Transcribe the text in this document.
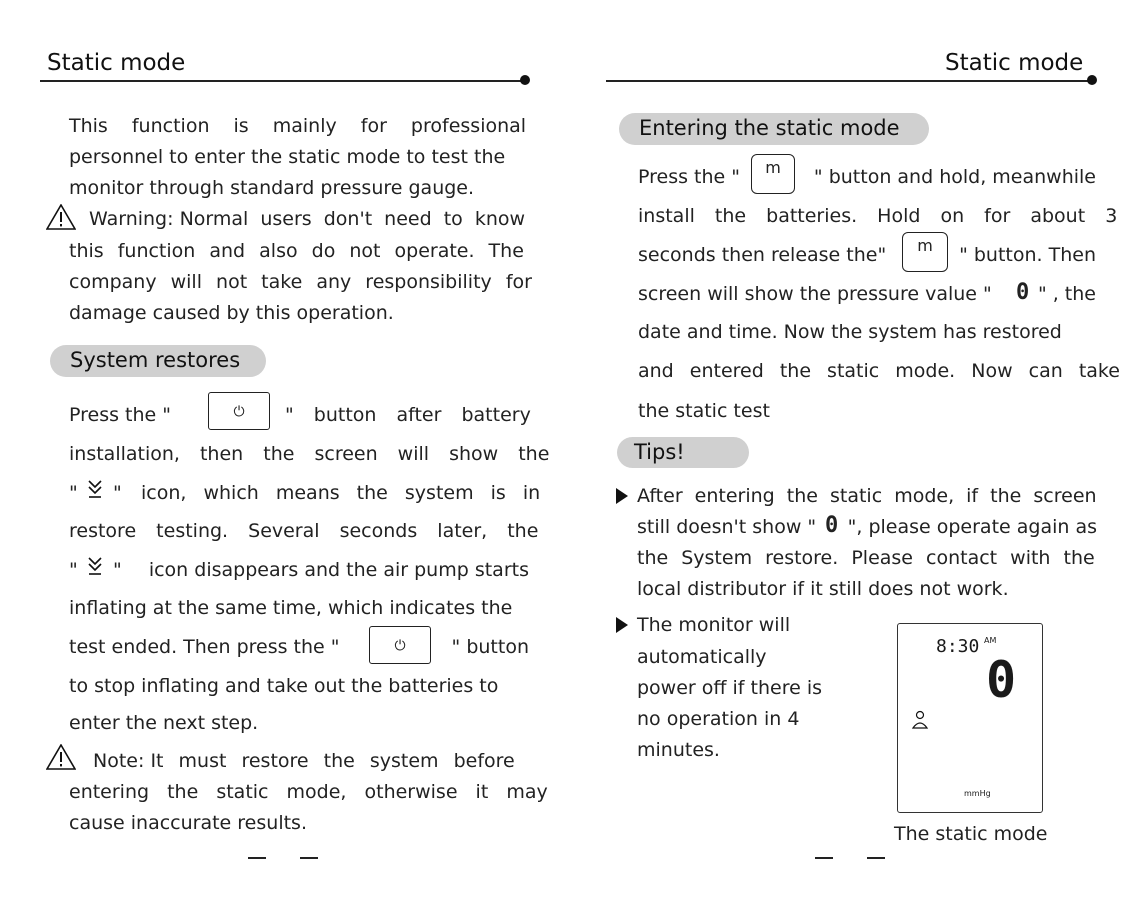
Static mode
This function is mainly for professional
personnel to enter the static mode to test the
monitor through standard pressure gauge.
Warning: Normal users don't need to know
this function and also do not operate. The
company will not take any responsibility for
damage caused by this operation.
System restores
Press the "	⏻	" button after battery
installation, then the screen will show the
" " icon, which means the system is in
restore testing. Several seconds later, the
" "	icon disappears and the air pump starts
inflating at the same time, which indicates the
test ended. Then press the "	⏻	" button
to stop inflating and take out the batteries to
enter the next step.
Note: It must restore the system before
entering the static mode, otherwise it may
cause inaccurate results.
Static mode
Entering the static mode
Press the "	m	" button and hold, meanwhile
install the batteries. Hold on for about 3
seconds then release the"	m	" button. Then
screen will show the pressure value " 0 " , the
date and time. Now the system has restored
and entered the static mode. Now can take
the static test
Tips!
After entering the static mode, if the screen
still doesn't show " 0 ", please operate again as
the System restore. Please contact with the
local distributor if it still does not work.
The monitor will
automatically
power off if there is
no operation in 4
minutes.
8:30 AM
0
mmHg
The static mode
